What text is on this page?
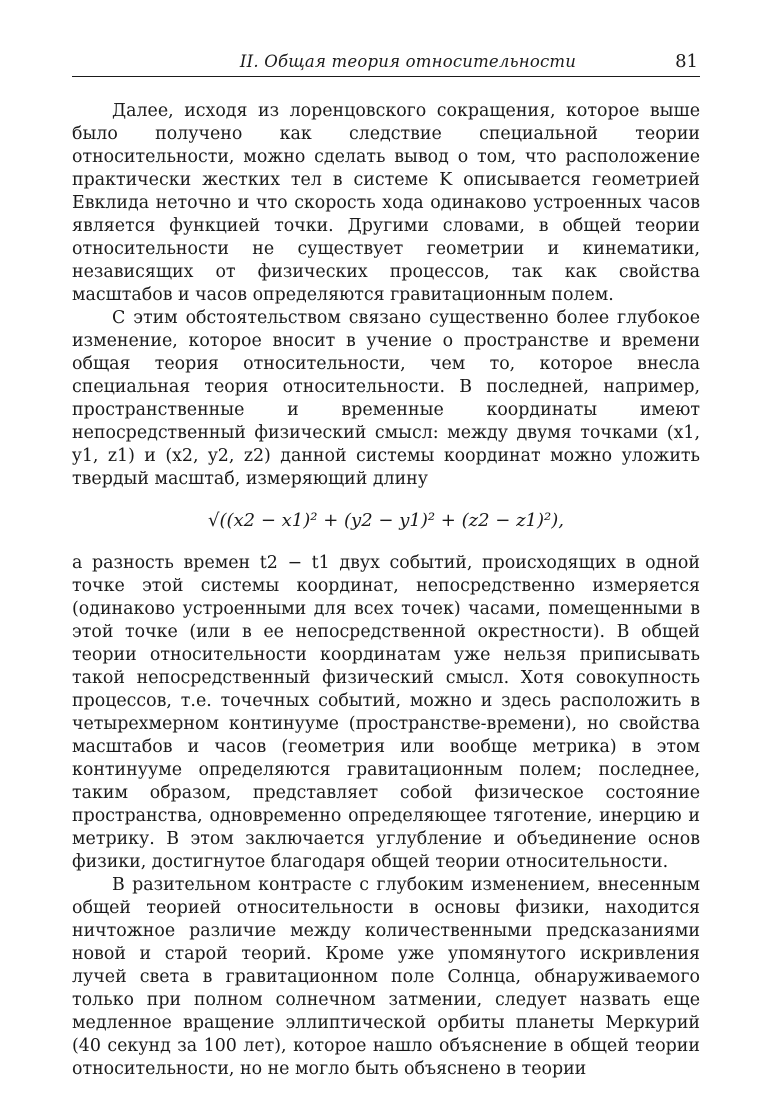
II. Общая теория относительности	81

Далее, исходя из лоренцовского сокращения, которое выше было получено как следствие специальной теории относительности, можно сделать вывод о том, что расположение практически жестких тел в системе K описывается геометрией Евклида неточно и что скорость хода одинаково устроенных часов является функцией точки. Другими словами, в общей теории относительности не существует геометрии и кинематики, независящих от физических процессов, так как свойства масштабов и часов определяются гравитационным полем.

С этим обстоятельством связано существенно более глубокое изменение, которое вносит в учение о пространстве и времени общая теория относительности, чем то, которое внесла специальная теория относительности. В последней, например, пространственные и временные координаты имеют непосредственный физический смысл: между двумя точками (x1, y1, z1) и (x2, y2, z2) данной системы координат можно уложить твердый масштаб, измеряющий длину

√((x2 − x1)² + (y2 − y1)² + (z2 − z1)²),

а разность времен t2 − t1 двух событий, происходящих в одной точке этой системы координат, непосредственно измеряется (одинаково устроенными для всех точек) часами, помещенными в этой точке (или в ее непосредственной окрестности). В общей теории относительности координатам уже нельзя приписывать такой непосредственный физический смысл. Хотя совокупность процессов, т.е. точечных событий, можно и здесь расположить в четырехмерном континууме (пространстве-времени), но свойства масштабов и часов (геометрия или вообще метрика) в этом континууме определяются гравитационным полем; последнее, таким образом, представляет собой физическое состояние пространства, одновременно определяющее тяготение, инерцию и метрику. В этом заключается углубление и объединение основ физики, достигнутое благодаря общей теории относительности.

В разительном контрасте с глубоким изменением, внесенным общей теорией относительности в основы физики, находится ничтожное различие между количественными предсказаниями новой и старой теорий. Кроме уже упомянутого искривления лучей света в гравитационном поле Солнца, обнаруживаемого только при полном солнечном затмении, следует назвать еще медленное вращение эллиптической орбиты планеты Меркурий (40 секунд за 100 лет), которое нашло объяснение в общей теории относительности, но не могло быть объяснено в теории
